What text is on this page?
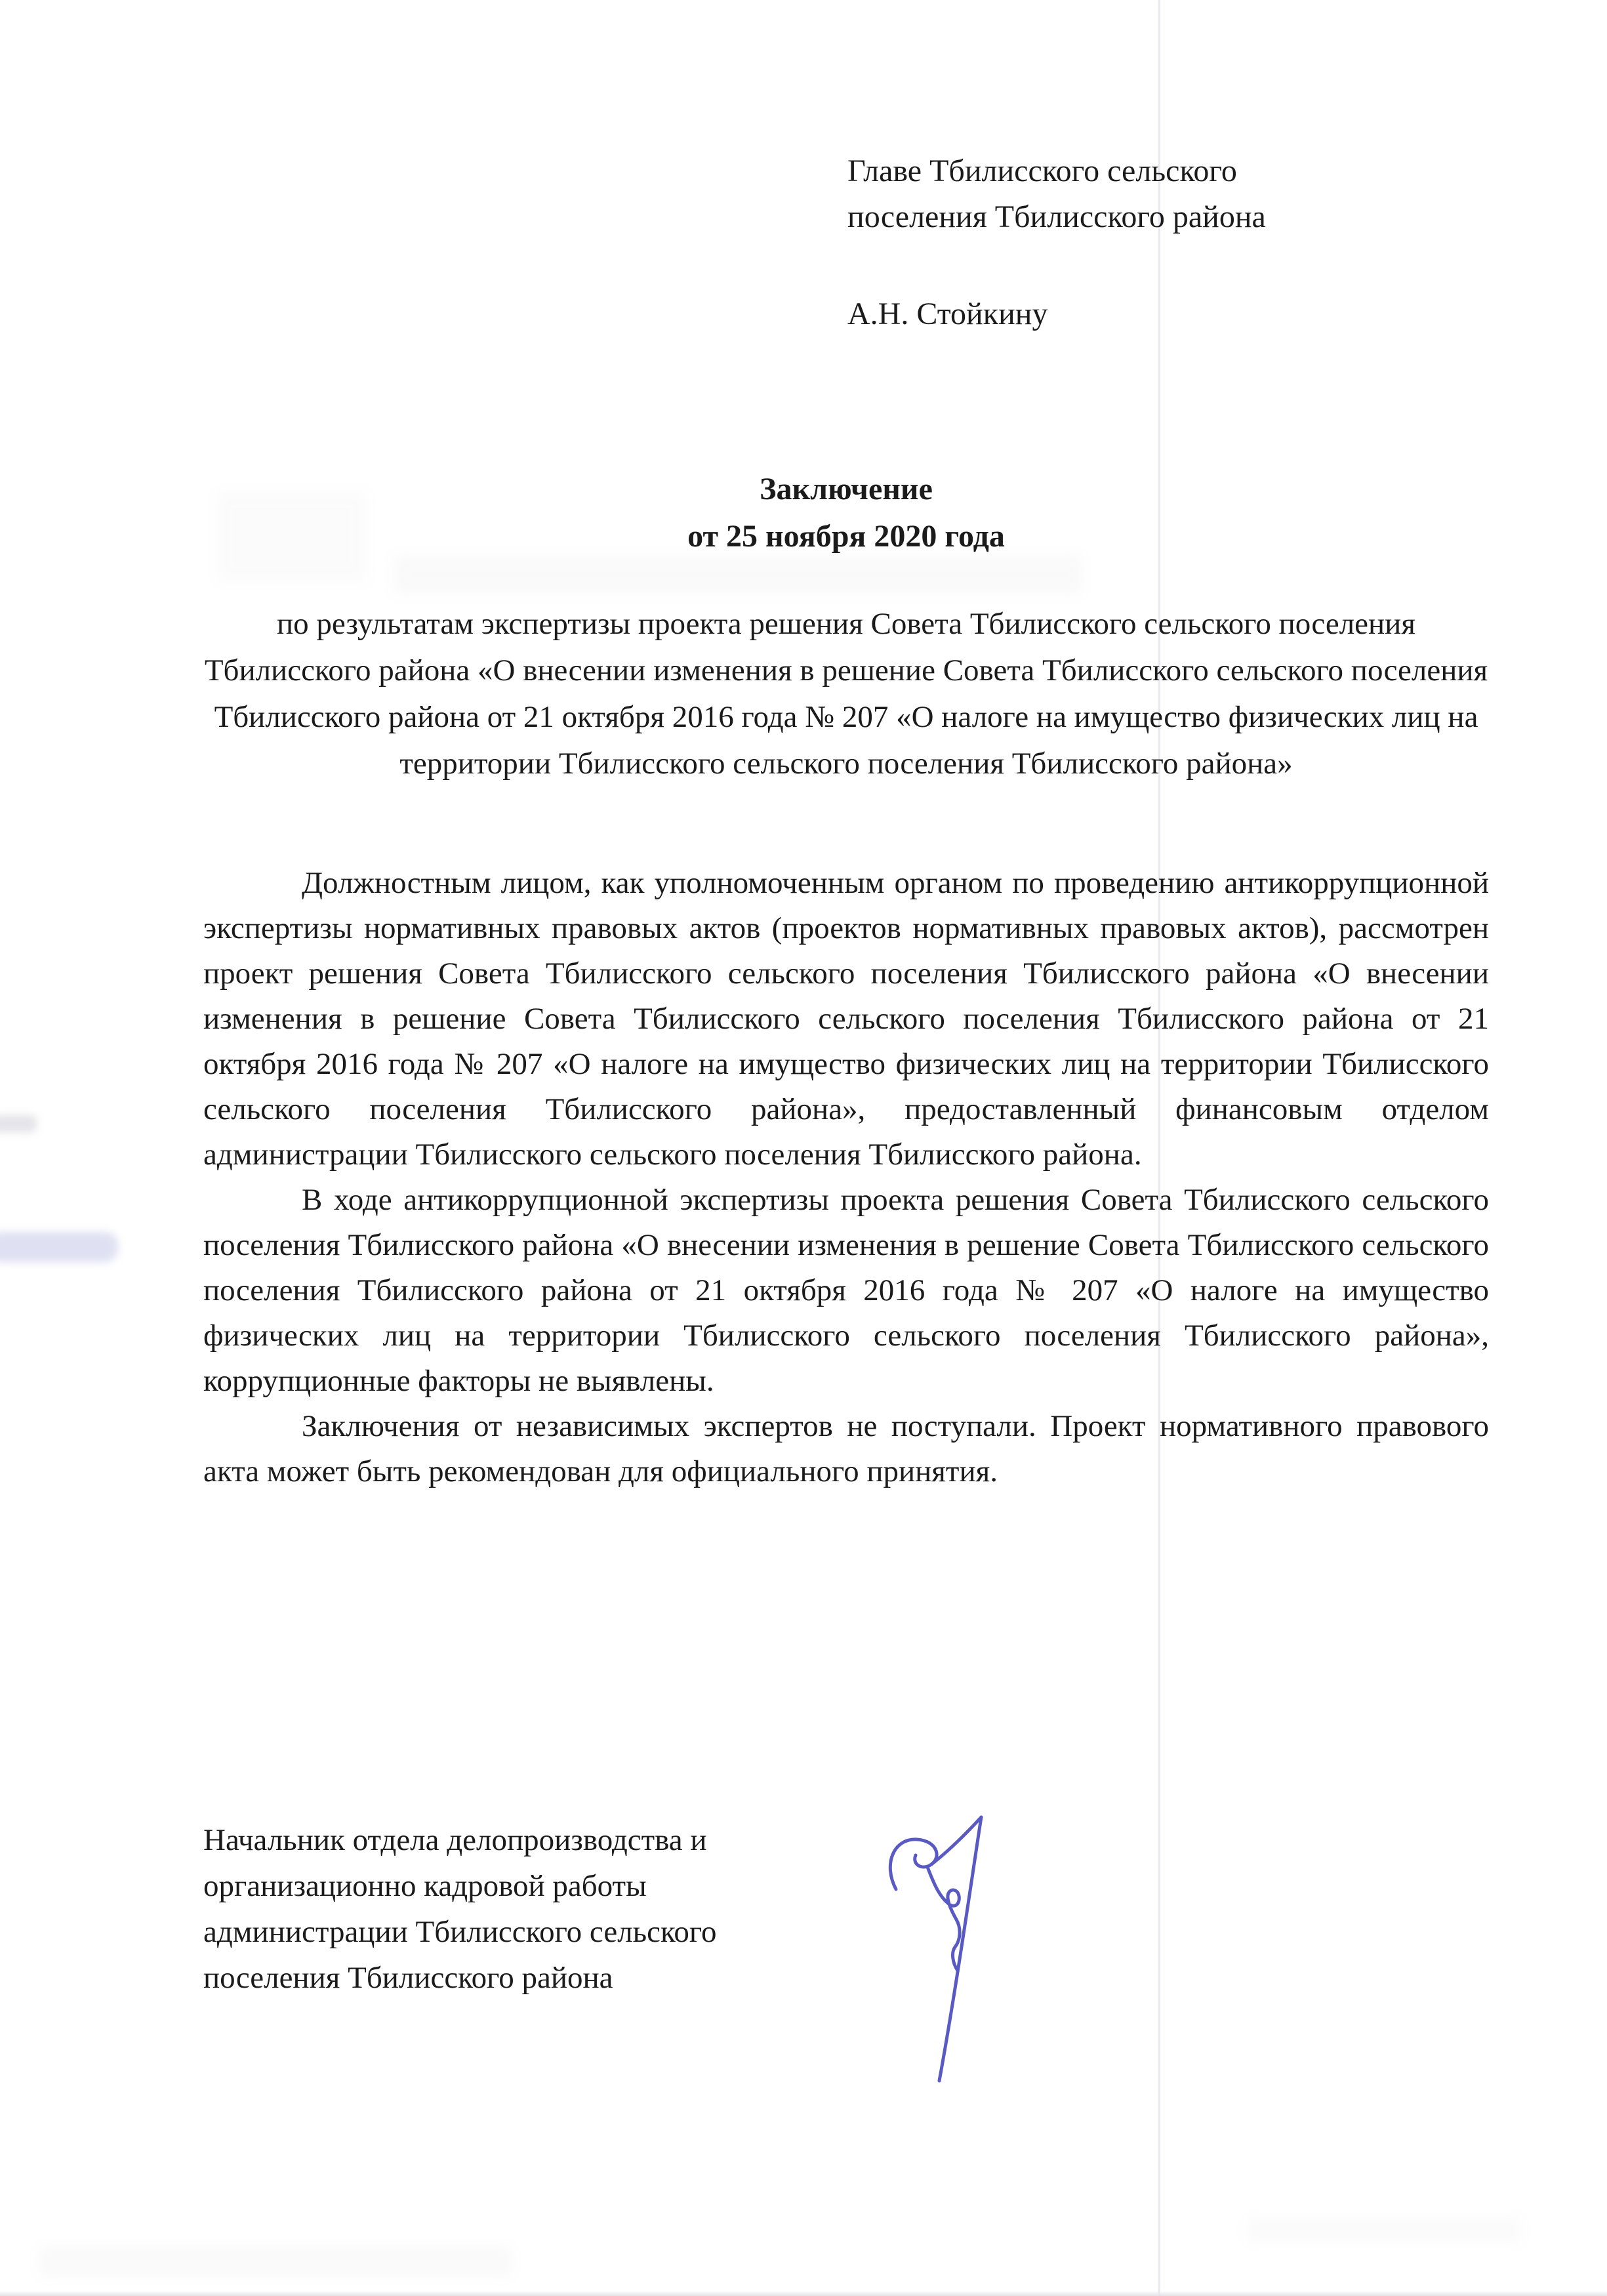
Главе Тбилисского сельского
поселения Тбилисского района
А.Н. Стойкину
Заключение
от 25 ноября 2020 года
по результатам экспертизы проекта решения Совета Тбилисского сельского поселения Тбилисского района «О внесении изменения в решение Совета Тбилисского сельского поселения Тбилисского района от 21 октября 2016 года № 207 «О налоге на имущество физических лиц на территории Тбилисского сельского поселения Тбилисского района»

Должностным лицом, как уполномоченным органом по проведению антикоррупционной экспертизы нормативных правовых актов (проектов нормативных правовых актов), рассмотрен проект решения Совета Тбилисского сельского поселения Тбилисского района «О внесении изменения в решение Совета Тбилисского сельского поселения Тбилисского района от 21 октября 2016 года № 207 «О налоге на имущество физических лиц на территории Тбилисского сельского поселения Тбилисского района», предоставленный финансовым отделом администрации Тбилисского сельского поселения Тбилисского района.

В ходе антикоррупционной экспертизы проекта решения Совета Тбилисского сельского поселения Тбилисского района «О внесении изменения в решение Совета Тбилисского сельского поселения Тбилисского района от 21 октября 2016 года № 207 «О налоге на имущество физических лиц на территории Тбилисского сельского поселения Тбилисского района», коррупционные факторы не выявлены.

Заключения от независимых экспертов не поступали. Проект нормативного правового акта может быть рекомендован для официального принятия.

Начальник отдела делопроизводства и
организационно кадровой работы
администрации Тбилисского сельского
поселения Тбилисского района
